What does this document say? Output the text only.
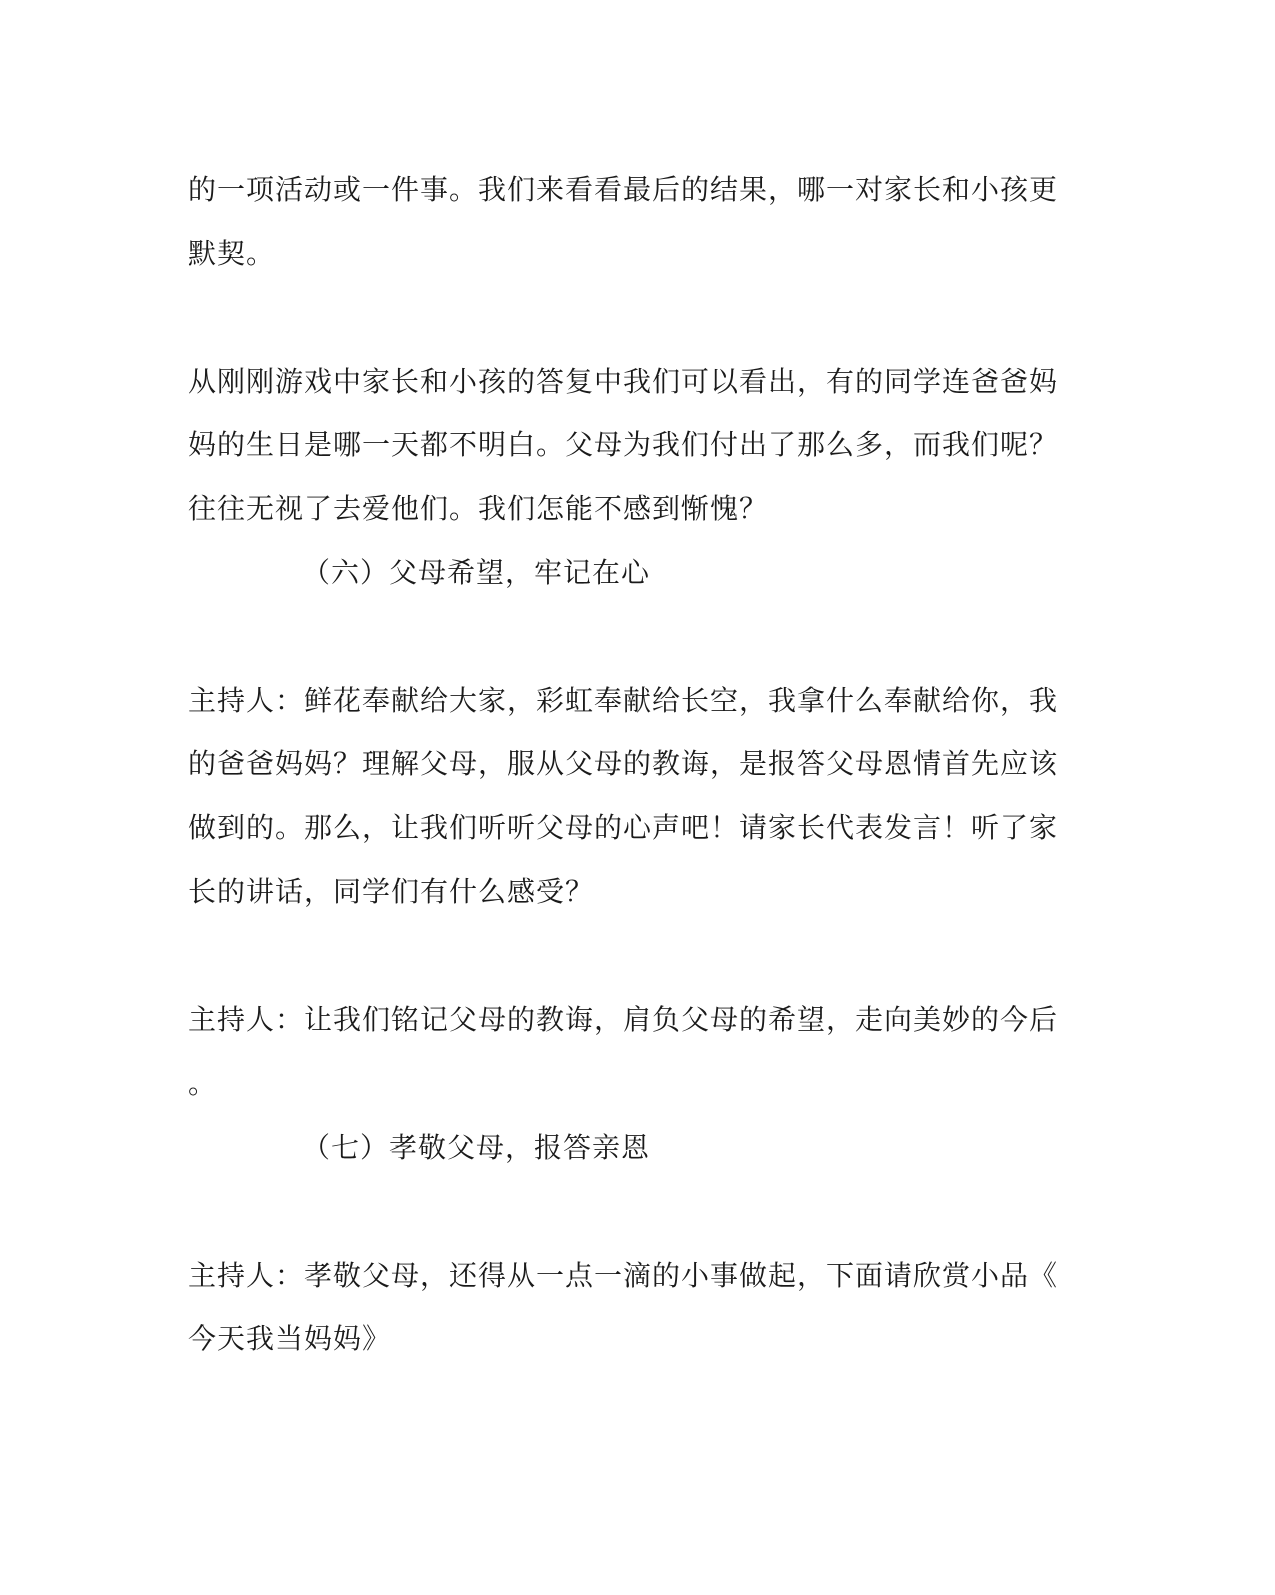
的一项活动或一件事。我们来看看最后的结果，哪一对家长和小孩更
默契。
从刚刚游戏中家长和小孩的答复中我们可以看出，有的同学连爸爸妈
妈的生日是哪一天都不明白。父母为我们付出了那么多，而我们呢？
往往无视了去爱他们。我们怎能不感到惭愧？
（六）父母希望，牢记在心
主持人：鲜花奉献给大家，彩虹奉献给长空，我拿什么奉献给你，我
的爸爸妈妈？理解父母，服从父母的教诲，是报答父母恩情首先应该
做到的。那么，让我们听听父母的心声吧！请家长代表发言！听了家
长的讲话，同学们有什么感受？
主持人：让我们铭记父母的教诲，肩负父母的希望，走向美妙的今后
。
（七）孝敬父母，报答亲恩
主持人：孝敬父母，还得从一点一滴的小事做起，下面请欣赏小品《
今天我当妈妈》
